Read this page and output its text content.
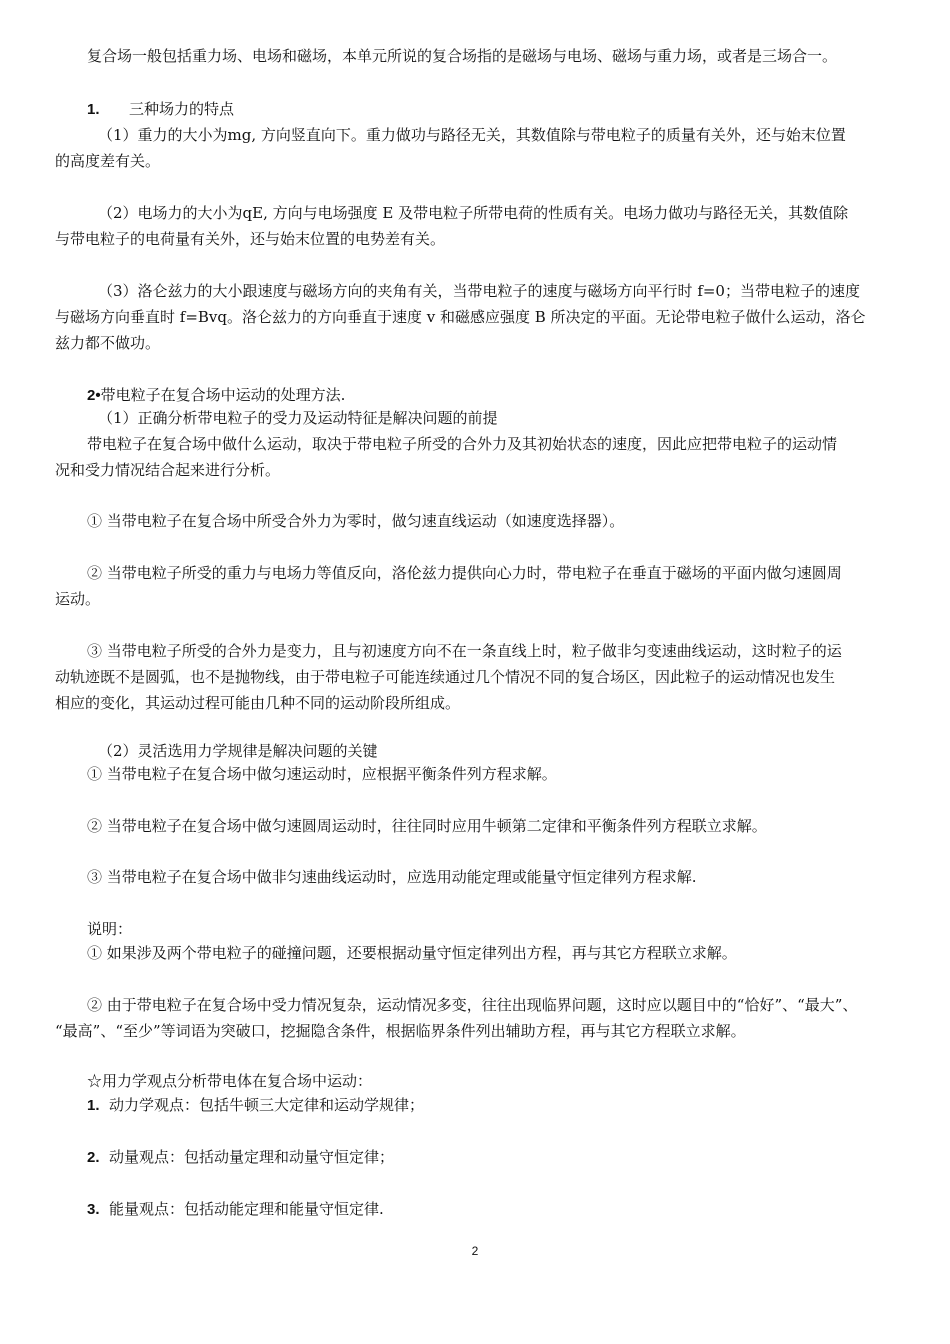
复合场一般包括重力场、电场和磁场，本单元所说的复合场指的是磁场与电场、磁场与重力场，或者是三场合一。
1. 三种场力的特点
（1）重力的大小为mg, 方向竖直向下。重力做功与路径无关，其数值除与带电粒子的质量有关外，还与始末位置
的高度差有关。
（2）电场力的大小为qE, 方向与电场强度 E 及带电粒子所带电荷的性质有关。电场力做功与路径无关，其数值除
与带电粒子的电荷量有关外，还与始末位置的电势差有关。
（3）洛仑兹力的大小跟速度与磁场方向的夹角有关，当带电粒子的速度与磁场方向平行时 f=0；当带电粒子的速度
与磁场方向垂直时 f=Bvq。洛仑兹力的方向垂直于速度 v 和磁感应强度 B 所决定的平面。无论带电粒子做什么运动，洛仑
兹力都不做功。
2•带电粒子在复合场中运动的处理方法.
（1）正确分析带电粒子的受力及运动特征是解决问题的前提
带电粒子在复合场中做什么运动，取决于带电粒子所受的合外力及其初始状态的速度，因此应把带电粒子的运动情
况和受力情况结合起来进行分析。
① 当带电粒子在复合场中所受合外力为零时，做匀速直线运动（如速度选择器）。
② 当带电粒子所受的重力与电场力等值反向，洛伦兹力提供向心力时，带电粒子在垂直于磁场的平面内做匀速圆周
运动。
③ 当带电粒子所受的合外力是变力，且与初速度方向不在一条直线上时，粒子做非匀变速曲线运动，这时粒子的运
动轨迹既不是圆弧，也不是抛物线，由于带电粒子可能连续通过几个情况不同的复合场区，因此粒子的运动情况也发生
相应的变化，其运动过程可能由几种不同的运动阶段所组成。
（2）灵活选用力学规律是解决问题的关键
① 当带电粒子在复合场中做匀速运动时，应根据平衡条件列方程求解。
② 当带电粒子在复合场中做匀速圆周运动时，往往同时应用牛顿第二定律和平衡条件列方程联立求解。
③ 当带电粒子在复合场中做非匀速曲线运动时，应选用动能定理或能量守恒定律列方程求解.
说明：
① 如果涉及两个带电粒子的碰撞问题，还要根据动量守恒定律列出方程，再与其它方程联立求解。
② 由于带电粒子在复合场中受力情况复杂，运动情况多变，往往出现临界问题，这时应以题目中的“恰好”、“最大”、
“最高”、“至少”等词语为突破口，挖掘隐含条件，根据临界条件列出辅助方程，再与其它方程联立求解。
☆用力学观点分析带电体在复合场中运动：
1. 动力学观点：包括牛顿三大定律和运动学规律；
2. 动量观点：包括动量定理和动量守恒定律；
3. 能量观点：包括动能定理和能量守恒定律.
2
